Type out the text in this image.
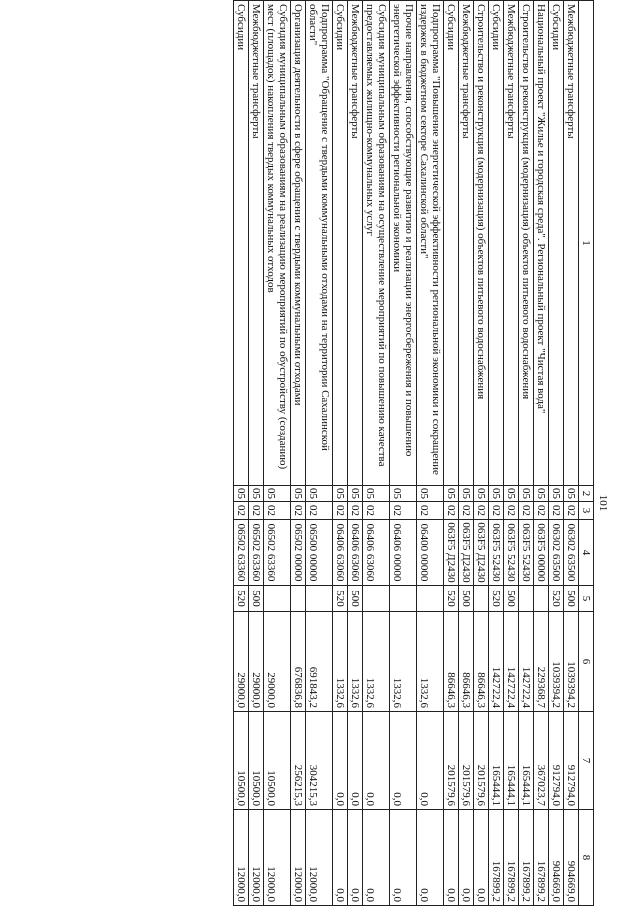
101
1	2	3	4	5	6	7	8
Межбюджетные трансферты	05	02	06302 63500	500	1039394,2	912794,0	904669,0
Субсидии	05	02	06302 63500	520	1039394,2	912794,0	904669,0
Национальный проект "Жилье и городская среда". Региональный проект "Чистая вода"	05	02	063F5 00000		229368,7	367023,7	167899,2
Строительство и реконструкция (модернизация) объектов питьевого водоснабжения	05	02	063F5 52430		142722,4	165444,1	167899,2
Межбюджетные трансферты	05	02	063F5 52430	500	142722,4	165444,1	167899,2
Субсидии	05	02	063F5 52430	520	142722,4	165444,1	167899,2
Строительство и реконструкция (модернизация) объектов питьевого водоснабжения	05	02	063F5 Д2430		86646,3	201579,6	0,0
Межбюджетные трансферты	05	02	063F5 Д2430	500	86646,3	201579,6	0,0
Субсидии	05	02	063F5 Д2430	520	86646,3	201579,6	0,0
Подпрограмма "Повышение энергетической эффективности региональной экономики и сокращение издержек в бюджетном секторе Сахалинской области"	05	02	06400 00000		1332,6	0,0	0,0
Прочие направления, способствующие развитию и реализации энергосбережения и повышению энергетической эффективности региональной экономики	05	02	06406 00000		1332,6	0,0	0,0
Субсидия муниципальным образованиям на осуществление мероприятий по повышению качества предоставляемых жилищно-коммунальных услуг	05	02	06406 63060		1332,6	0,0	0,0
Межбюджетные трансферты	05	02	06406 63060	500	1332,6	0,0	0,0
Субсидии	05	02	06406 63060	520	1332,6	0,0	0,0
Подпрограмма "Обращение с твердыми коммунальными отходами на территории Сахалинской области"	05	02	06500 00000		691843,2	304215,3	12000,0
Организация деятельности в сфере обращения с твердыми коммунальными отходами	05	02	06502 00000		676836,8	256215,3	12000,0
Субсидия муниципальным образованиям на реализацию мероприятий по обустройству (созданию) мест (площадок) накопления твердых коммунальных отходов	05	02	06502 63360		29000,0	10500,0	12000,0
Межбюджетные трансферты	05	02	06502 63360	500	29000,0	10500,0	12000,0
Субсидии	05	02	06502 63360	520	29000,0	10500,0	12000,0
